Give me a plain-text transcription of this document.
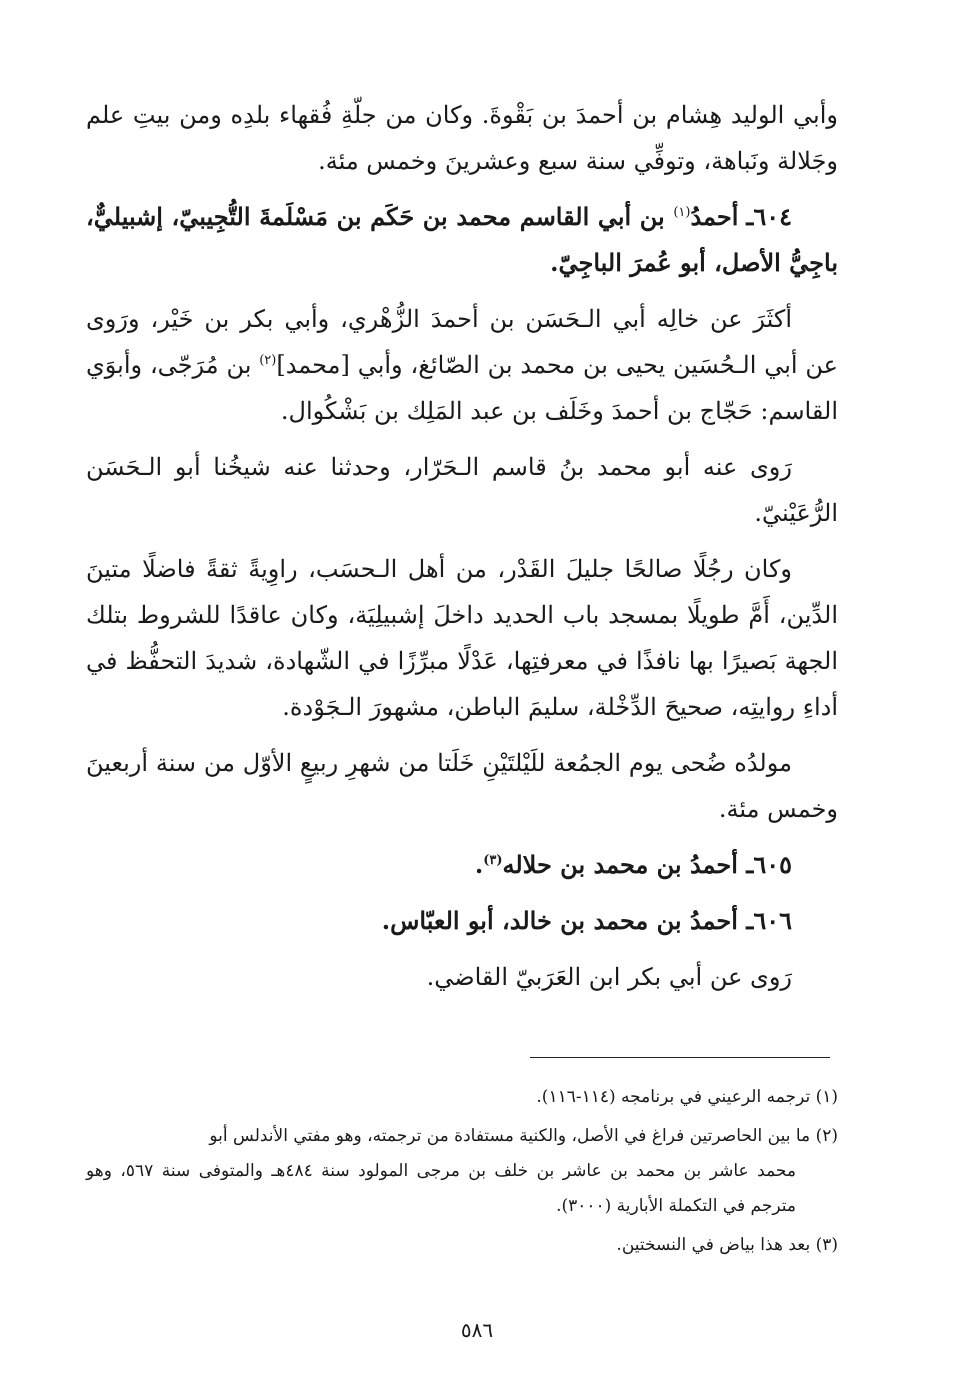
وأبي الوليد هِشام بن أحمدَ بن بَقْوةَ. وكان من جلّةِ فُقهاء بلدِه ومن بيتِ علم وجَلالة ونَباهة، وتوفِّي سنة سبع وعشرينَ وخمس مئة.

٦٠٤ـ أحمدُ$^{(١)}$ بن أبي القاسم محمد بن حَكَم بن مَسْلَمةَ التُّجِيبيّ، إشبيليٌّ، باجِيُّ الأصل، أبو عُمرَ الباجِيّ.

أكثَرَ عن خالِه أبي الـحَسَن بن أحمدَ الزُّهْري، وأبي بكر بن خَيْر، ورَوى عن أبي الـحُسَين يحيى بن محمد بن الصّائغ، وأبي [محمد]$^{(٢)}$ بن مُرَجّى، وأبوَي القاسم: حَجّاج بن أحمدَ وخَلَف بن عبد المَلِك بن بَشْكُوال.

رَوى عنه أبو محمد بنُ قاسم الـحَرّار، وحدثنا عنه شيخُنا أبو الـحَسَن الرُّعَيْنيّ.

وكان رجُلًا صالحًا جليلَ القَدْر، من أهل الـحسَب، راوِيةً ثقةً فاضلًا متينَ الدِّين، أَمَّ طويلًا بمسجد باب الحديد داخلَ إشبيلِيَة، وكان عاقدًا للشروط بتلك الجهة بَصيرًا بها نافذًا في معرفتِها، عَدْلًا مبرِّزًا في الشّهادة، شديدَ التحفُّظ في أداءِ روايتِه، صحيحَ الدِّخْلة، سليمَ الباطن، مشهورَ الـجَوْدة.

مولدُه ضُحى يوم الجمُعة للَيْلتَيْنِ خَلَتا من شهرِ ربيعٍ الأوّل من سنة أربعينَ وخمس مئة.

٦٠٥ـ أحمدُ بن محمد بن حلاله$^{(٣)}$.

٦٠٦ـ أحمدُ بن محمد بن خالد، أبو العبّاس.

رَوى عن أبي بكر ابن العَرَبيّ القاضي.

(١) ترجمه الرعيني في برنامجه (١١٤-١١٦).

(٢) ما بين الحاصرتين فراغ في الأصل، والكنية مستفادة من ترجمته، وهو مفتي الأندلس أبو
محمد عاشر بن محمد بن عاشر بن خلف بن مرجى المولود سنة ٤٨٤هـ والمتوفى سنة ٥٦٧، وهو مترجم في التكملة الأبارية (٣٠٠٠).

(٣) بعد هذا بياض في النسختين.

٥٨٦
